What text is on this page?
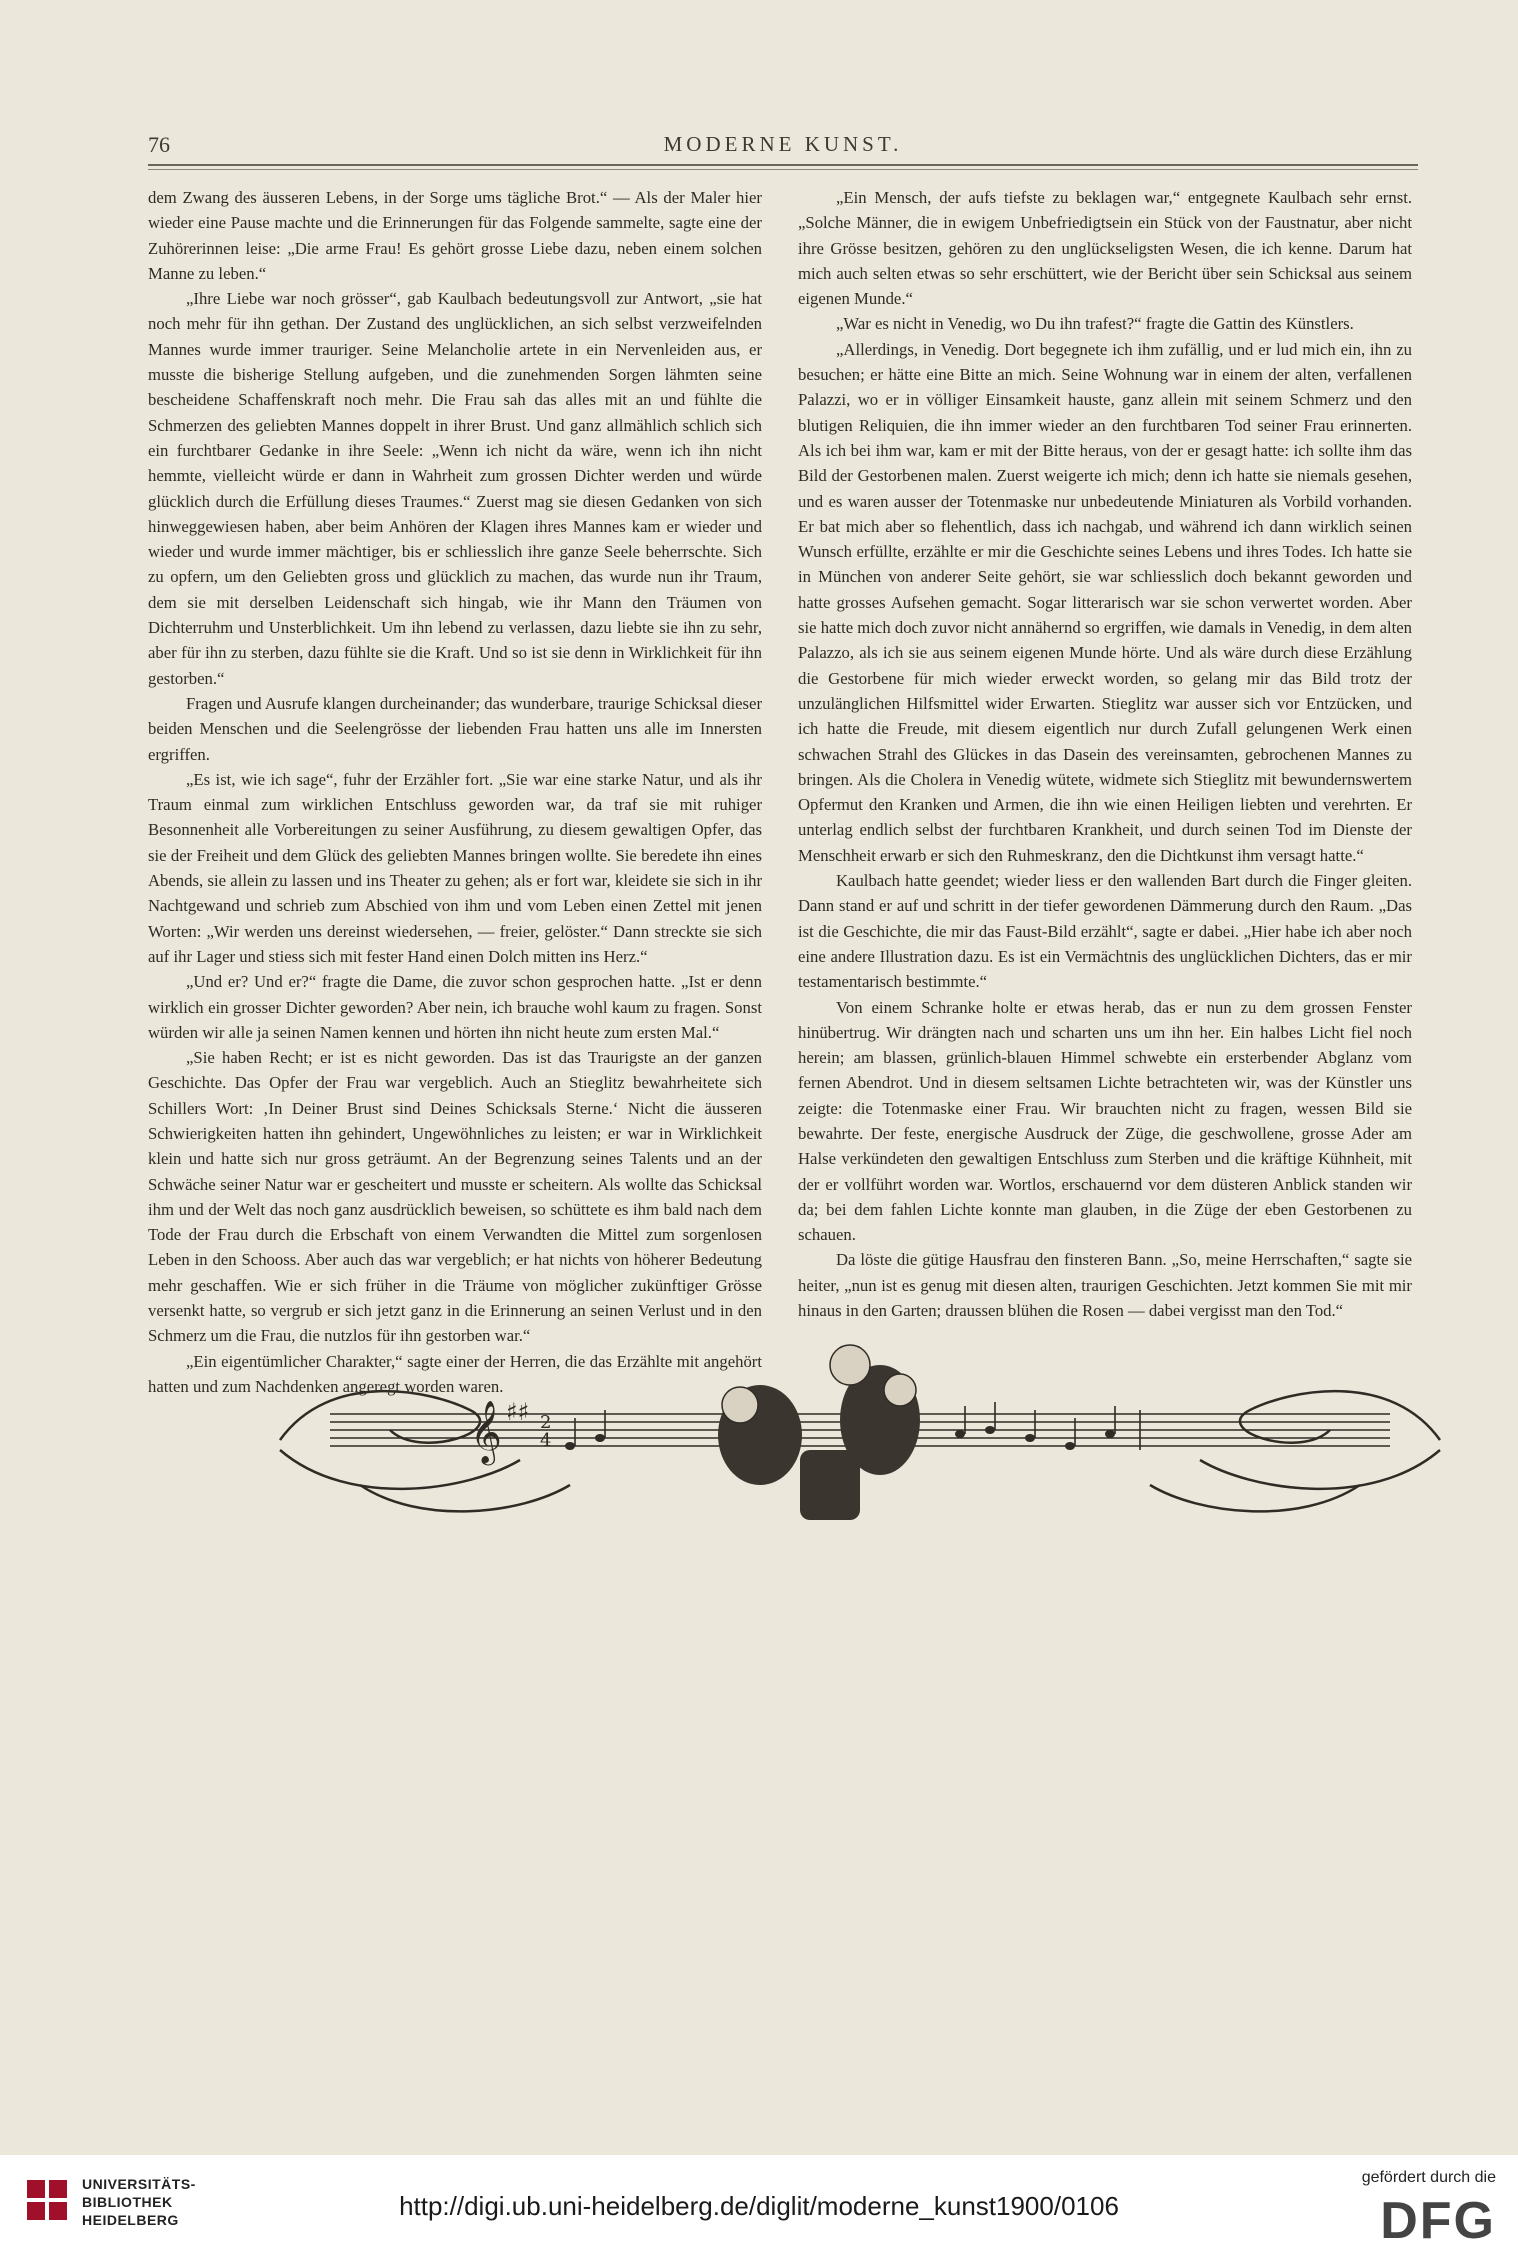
76	MODERNE KUNST.

dem Zwang des äusseren Lebens, in der Sorge ums tägliche Brot.“ — Als der Maler hier wieder eine Pause machte und die Erinnerungen für das Folgende sammelte, sagte eine der Zuhörerinnen leise: „Die arme Frau! Es gehört grosse Liebe dazu, neben einem solchen Manne zu leben.“

„Ihre Liebe war noch grösser“, gab Kaulbach bedeutungsvoll zur Antwort, „sie hat noch mehr für ihn gethan. Der Zustand des unglücklichen, an sich selbst verzweifelnden Mannes wurde immer trauriger. Seine Melancholie artete in ein Nervenleiden aus, er musste die bisherige Stellung aufgeben, und die zunehmenden Sorgen lähmten seine bescheidene Schaffenskraft noch mehr. Die Frau sah das alles mit an und fühlte die Schmerzen des geliebten Mannes doppelt in ihrer Brust. Und ganz allmählich schlich sich ein furchtbarer Gedanke in ihre Seele: „Wenn ich nicht da wäre, wenn ich ihn nicht hemmte, vielleicht würde er dann in Wahrheit zum grossen Dichter werden und würde glücklich durch die Erfüllung dieses Traumes.“ Zuerst mag sie diesen Gedanken von sich hinweggewiesen haben, aber beim Anhören der Klagen ihres Mannes kam er wieder und wieder und wurde immer mächtiger, bis er schliesslich ihre ganze Seele beherrschte. Sich zu opfern, um den Geliebten gross und glücklich zu machen, das wurde nun ihr Traum, dem sie mit derselben Leidenschaft sich hingab, wie ihr Mann den Träumen von Dichterruhm und Unsterblichkeit. Um ihn lebend zu verlassen, dazu liebte sie ihn zu sehr, aber für ihn zu sterben, dazu fühlte sie die Kraft. Und so ist sie denn in Wirklichkeit für ihn gestorben.“

Fragen und Ausrufe klangen durcheinander; das wunderbare, traurige Schicksal dieser beiden Menschen und die Seelengrösse der liebenden Frau hatten uns alle im Innersten ergriffen.

„Es ist, wie ich sage“, fuhr der Erzähler fort. „Sie war eine starke Natur, und als ihr Traum einmal zum wirklichen Entschluss geworden war, da traf sie mit ruhiger Besonnenheit alle Vorbereitungen zu seiner Ausführung, zu diesem gewaltigen Opfer, das sie der Freiheit und dem Glück des geliebten Mannes bringen wollte. Sie beredete ihn eines Abends, sie allein zu lassen und ins Theater zu gehen; als er fort war, kleidete sie sich in ihr Nachtgewand und schrieb zum Abschied von ihm und vom Leben einen Zettel mit jenen Worten: „Wir werden uns dereinst wiedersehen, — freier, gelöster.“ Dann streckte sie sich auf ihr Lager und stiess sich mit fester Hand einen Dolch mitten ins Herz.“

„Und er? Und er?“ fragte die Dame, die zuvor schon gesprochen hatte. „Ist er denn wirklich ein grosser Dichter geworden? Aber nein, ich brauche wohl kaum zu fragen. Sonst würden wir alle ja seinen Namen kennen und hörten ihn nicht heute zum ersten Mal.“

„Sie haben Recht; er ist es nicht geworden. Das ist das Traurigste an der ganzen Geschichte. Das Opfer der Frau war vergeblich. Auch an Stieglitz bewahrheitete sich Schillers Wort: ‚In Deiner Brust sind Deines Schicksals Sterne.‘ Nicht die äusseren Schwierigkeiten hatten ihn gehindert, Ungewöhnliches zu leisten; er war in Wirklichkeit klein und hatte sich nur gross geträumt. An der Begrenzung seines Talents und an der Schwäche seiner Natur war er gescheitert und musste er scheitern. Als wollte das Schicksal ihm und der Welt das noch ganz ausdrücklich beweisen, so schüttete es ihm bald nach dem Tode der Frau durch die Erbschaft von einem Verwandten die Mittel zum sorgenlosen Leben in den Schooss. Aber auch das war vergeblich; er hat nichts von höherer Bedeutung mehr geschaffen. Wie er sich früher in die Träume von möglicher zukünftiger Grösse versenkt hatte, so vergrub er sich jetzt ganz in die Erinnerung an seinen Verlust und in den Schmerz um die Frau, die nutzlos für ihn gestorben war.“

„Ein eigentümlicher Charakter,“ sagte einer der Herren, die das Erzählte mit angehört hatten und zum Nachdenken angeregt worden waren.

„Ein Mensch, der aufs tiefste zu beklagen war,“ entgegnete Kaulbach sehr ernst. „Solche Männer, die in ewigem Unbefriedigtsein ein Stück von der Faustnatur, aber nicht ihre Grösse besitzen, gehören zu den unglückseligsten Wesen, die ich kenne. Darum hat mich auch selten etwas so sehr erschüttert, wie der Bericht über sein Schicksal aus seinem eigenen Munde.“

„War es nicht in Venedig, wo Du ihn trafest?“ fragte die Gattin des Künstlers.

„Allerdings, in Venedig. Dort begegnete ich ihm zufällig, und er lud mich ein, ihn zu besuchen; er hätte eine Bitte an mich. Seine Wohnung war in einem der alten, verfallenen Palazzi, wo er in völliger Einsamkeit hauste, ganz allein mit seinem Schmerz und den blutigen Reliquien, die ihn immer wieder an den furchtbaren Tod seiner Frau erinnerten. Als ich bei ihm war, kam er mit der Bitte heraus, von der er gesagt hatte: ich sollte ihm das Bild der Gestorbenen malen. Zuerst weigerte ich mich; denn ich hatte sie niemals gesehen, und es waren ausser der Totenmaske nur unbedeutende Miniaturen als Vorbild vorhanden. Er bat mich aber so flehentlich, dass ich nachgab, und während ich dann wirklich seinen Wunsch erfüllte, erzählte er mir die Geschichte seines Lebens und ihres Todes. Ich hatte sie in München von anderer Seite gehört, sie war schliesslich doch bekannt geworden und hatte grosses Aufsehen gemacht. Sogar litterarisch war sie schon verwertet worden. Aber sie hatte mich doch zuvor nicht annähernd so ergriffen, wie damals in Venedig, in dem alten Palazzo, als ich sie aus seinem eigenen Munde hörte. Und als wäre durch diese Erzählung die Gestorbene für mich wieder erweckt worden, so gelang mir das Bild trotz der unzulänglichen Hilfsmittel wider Erwarten. Stieglitz war ausser sich vor Entzücken, und ich hatte die Freude, mit diesem eigentlich nur durch Zufall gelungenen Werk einen schwachen Strahl des Glückes in das Dasein des vereinsamten, gebrochenen Mannes zu bringen. Als die Cholera in Venedig wütete, widmete sich Stieglitz mit bewundernswertem Opfermut den Kranken und Armen, die ihn wie einen Heiligen liebten und verehrten. Er unterlag endlich selbst der furchtbaren Krankheit, und durch seinen Tod im Dienste der Menschheit erwarb er sich den Ruhmeskranz, den die Dichtkunst ihm versagt hatte.“

Kaulbach hatte geendet; wieder liess er den wallenden Bart durch die Finger gleiten. Dann stand er auf und schritt in der tiefer gewordenen Dämmerung durch den Raum. „Das ist die Geschichte, die mir das Faust-Bild erzählt“, sagte er dabei. „Hier habe ich aber noch eine andere Illustration dazu. Es ist ein Vermächtnis des unglücklichen Dichters, das er mir testamentarisch bestimmte.“

Von einem Schranke holte er etwas herab, das er nun zu dem grossen Fenster hinübertrug. Wir drängten nach und scharten uns um ihn her. Ein halbes Licht fiel noch herein; am blassen, grünlich-blauen Himmel schwebte ein ersterbender Abglanz vom fernen Abendrot. Und in diesem seltsamen Lichte betrachteten wir, was der Künstler uns zeigte: die Totenmaske einer Frau. Wir brauchten nicht zu fragen, wessen Bild sie bewahrte. Der feste, energische Ausdruck der Züge, die geschwollene, grosse Ader am Halse verkündeten den gewaltigen Entschluss zum Sterben und die kräftige Kühnheit, mit der er vollführt worden war. Wortlos, erschauernd vor dem düsteren Anblick standen wir da; bei dem fahlen Lichte konnte man glauben, in die Züge der eben Gestorbenen zu schauen.

Da löste die gütige Hausfrau den finsteren Bann. „So, meine Herrschaften,“ sagte sie heiter, „nun ist es genug mit diesen alten, traurigen Geschichten. Jetzt kommen Sie mit mir hinaus in den Garten; draussen blühen die Rosen — dabei vergisst man den Tod.“

𝄞 ♯♯ 2
4
UNIVERSITÄTS-
BIBLIOTHEK
HEIDELBERG	http://digi.ub.uni-heidelberg.de/diglit/moderne_kunst1900/0106
gefördert durch die
DFG
